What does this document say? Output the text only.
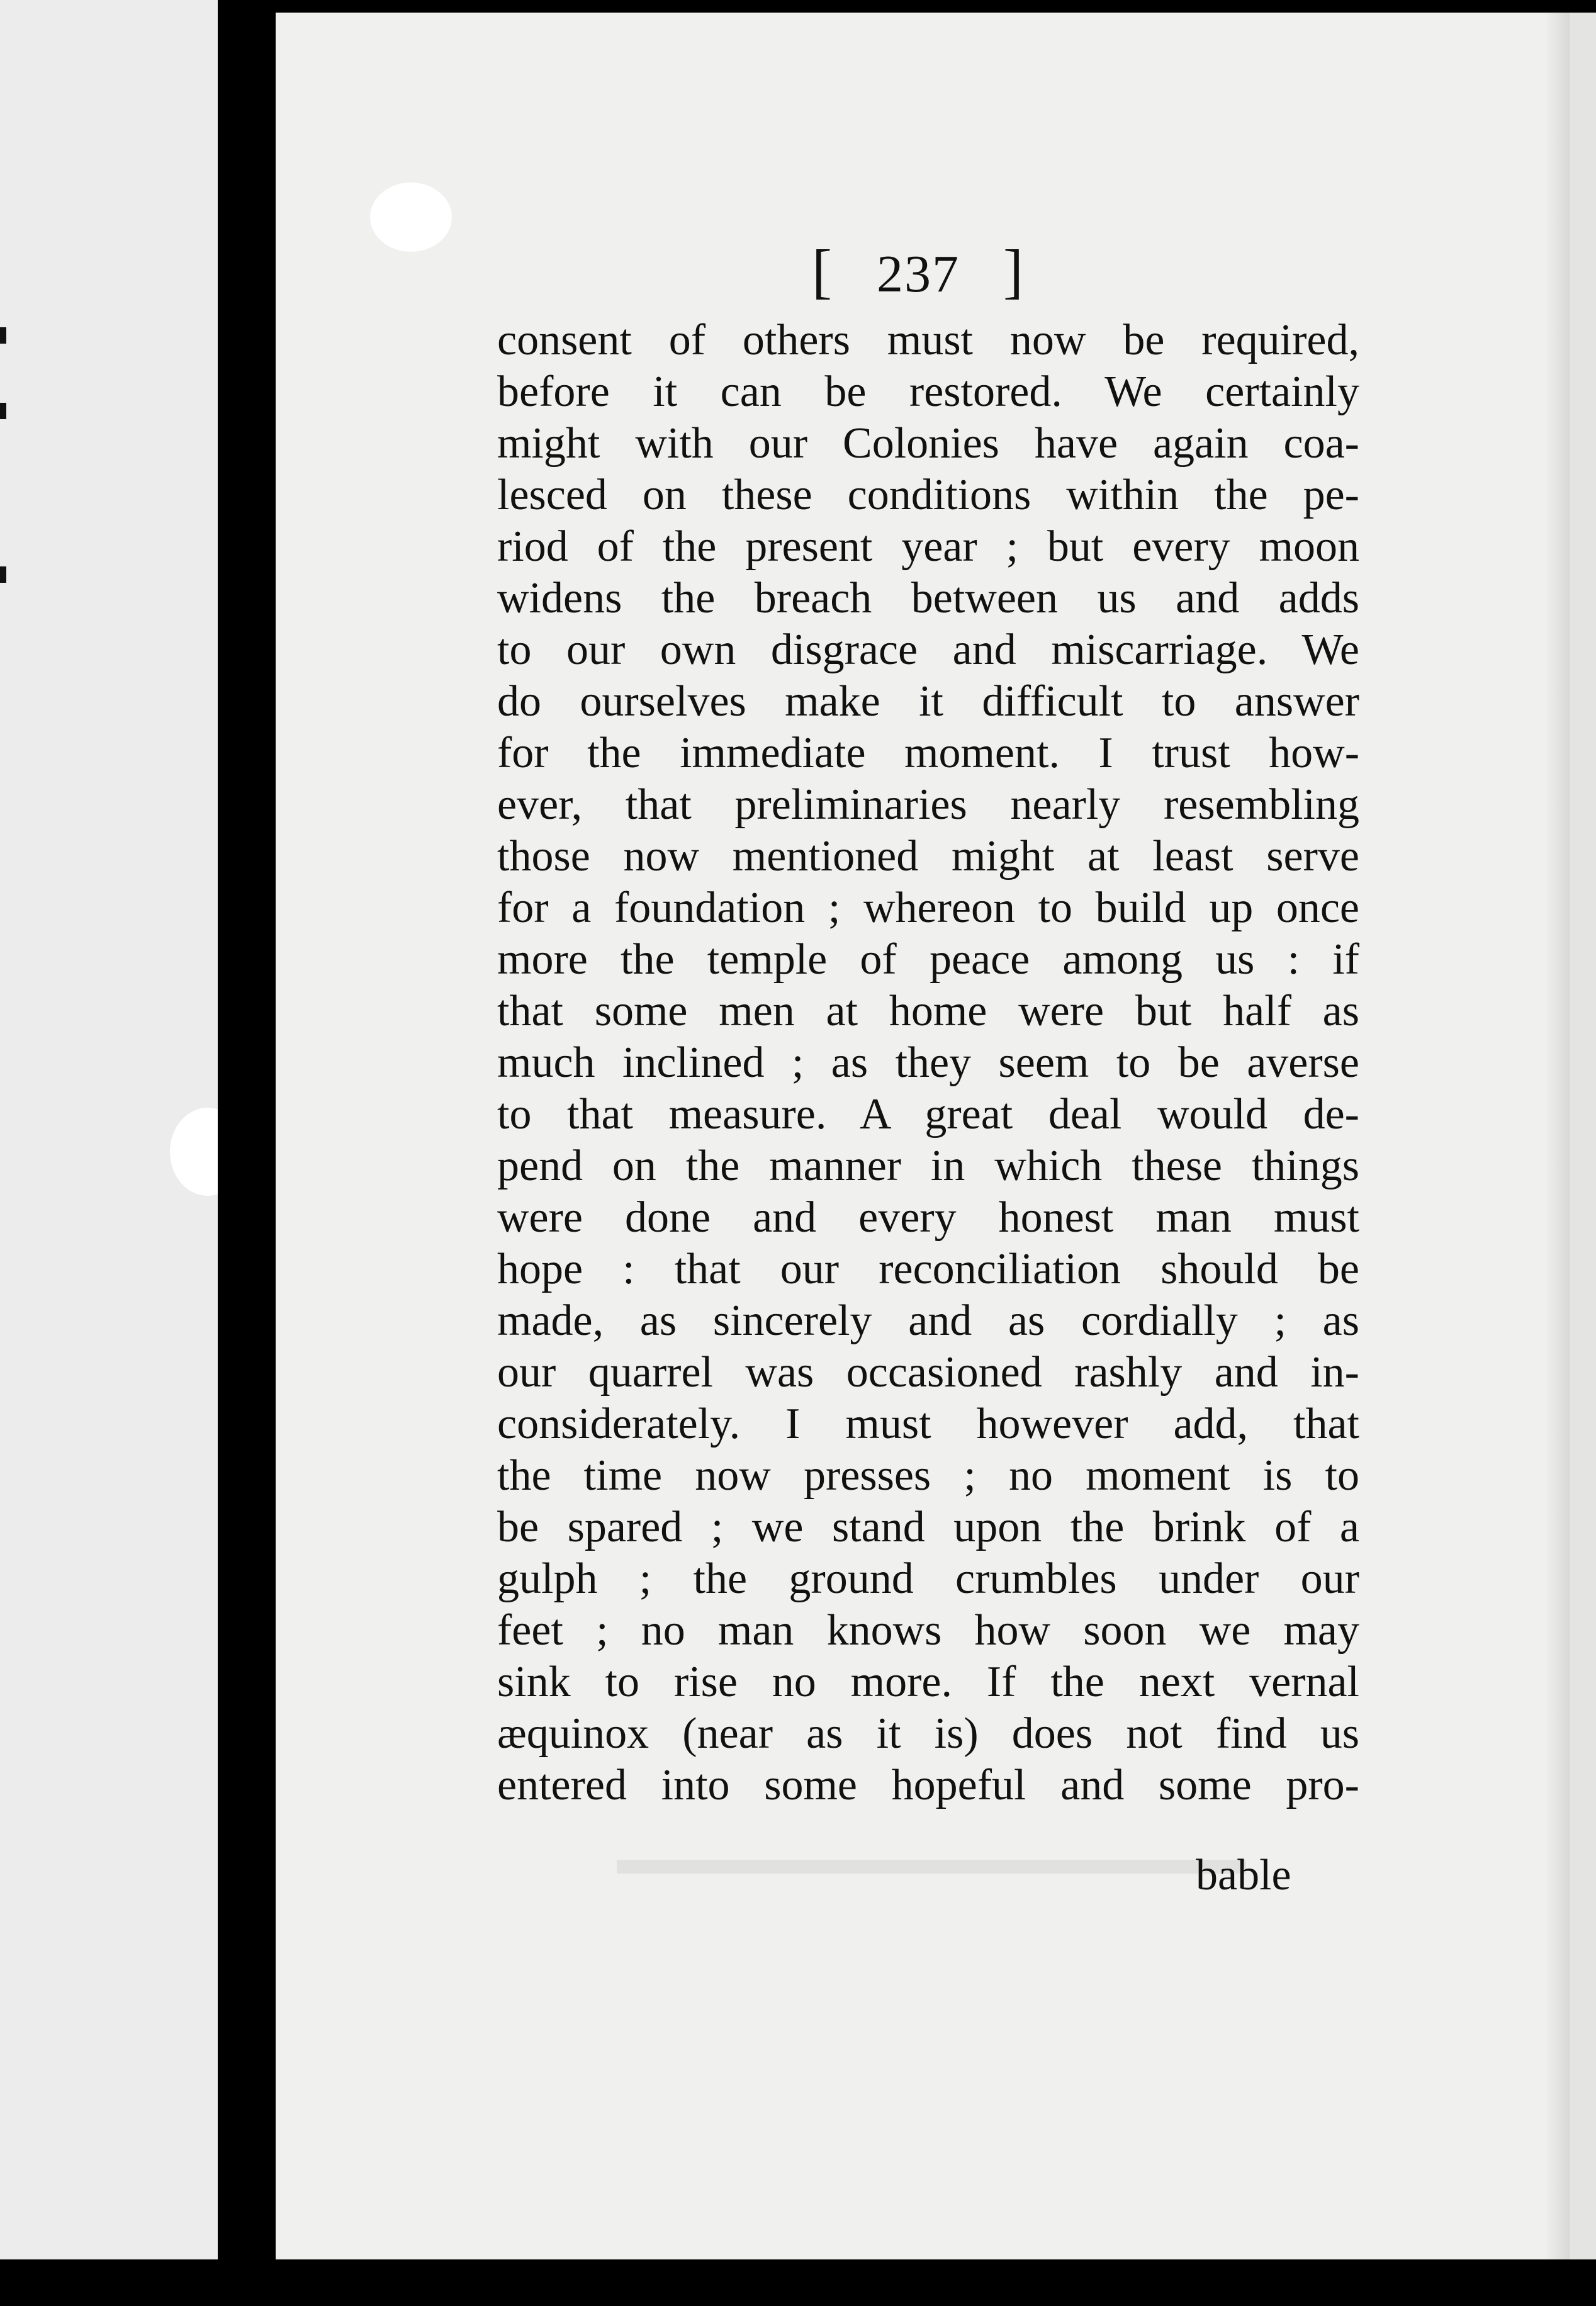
[ 237 ]
consent of others must now be required,
before it can be restored. We certainly
might with our Colonies have again coa-
lesced on these conditions within the pe-
riod of the present year ; but every moon
widens the breach between us and adds
to our own disgrace and miscarriage. We
do ourselves make it difficult to answer
for the immediate moment. I trust how-
ever, that preliminaries nearly resembling
those now mentioned might at least serve
for a foundation ; whereon to build up once
more the temple of peace among us : if
that some men at home were but half as
much inclined ; as they seem to be averse
to that measure. A great deal would de-
pend on the manner in which these things
were done and every honest man must
hope : that our reconciliation should be
made, as sincerely and as cordially ; as
our quarrel was occasioned rashly and in-
considerately. I must however add, that
the time now presses ; no moment is to
be spared ; we stand upon the brink of a
gulph ; the ground crumbles under our
feet ; no man knows how soon we may
sink to rise no more. If the next vernal
æquinox (near as it is) does not find us
entered into some hopeful and some pro-
bable
